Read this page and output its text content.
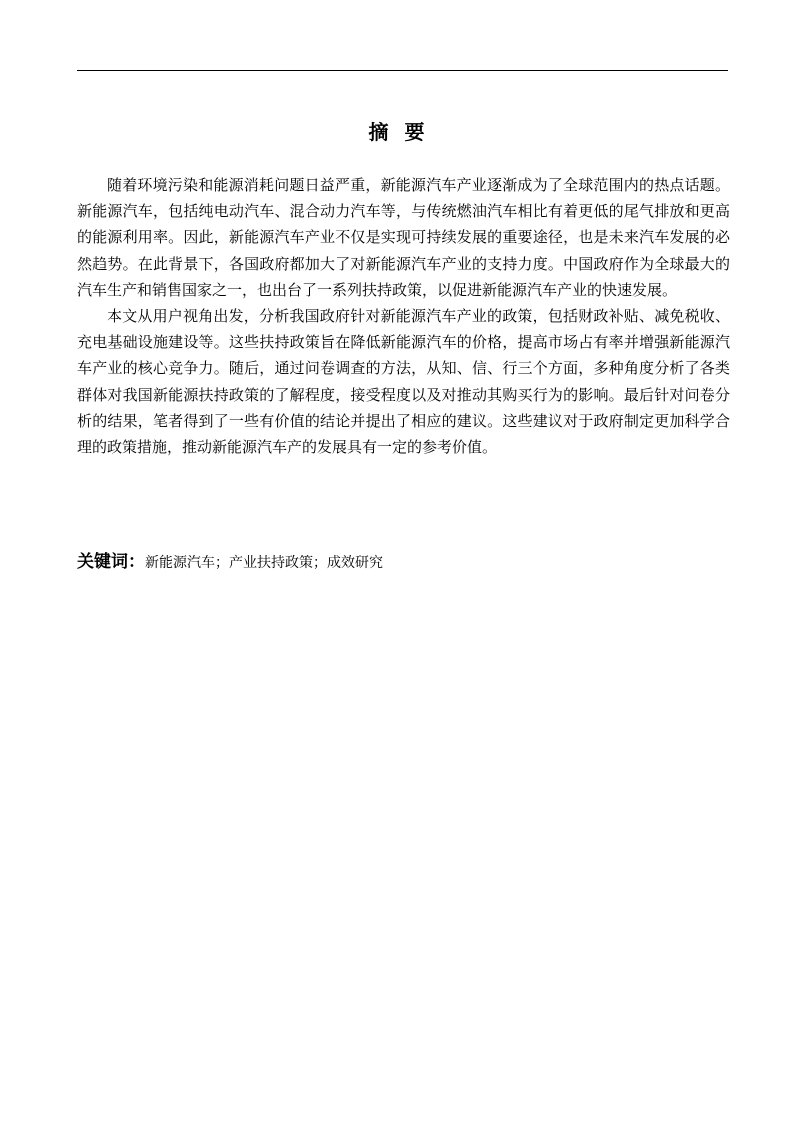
摘要

随着环境污染和能源消耗问题日益严重，新能源汽车产业逐渐成为了全球范围内的热点话题。新能源汽车，包括纯电动汽车、混合动力汽车等，与传统燃油汽车相比有着更低的尾气排放和更高的能源利用率。因此，新能源汽车产业不仅是实现可持续发展的重要途径，也是未来汽车发展的必然趋势。在此背景下，各国政府都加大了对新能源汽车产业的支持力度。中国政府作为全球最大的汽车生产和销售国家之一，也出台了一系列扶持政策，以促进新能源汽车产业的快速发展。

本文从用户视角出发，分析我国政府针对新能源汽车产业的政策，包括财政补贴、减免税收、充电基础设施建设等。这些扶持政策旨在降低新能源汽车的价格，提高市场占有率并增强新能源汽车产业的核心竞争力。随后，通过问卷调查的方法，从知、信、行三个方面，多种角度分析了各类群体对我国新能源扶持政策的了解程度，接受程度以及对推动其购买行为的影响。最后针对问卷分析的结果，笔者得到了一些有价值的结论并提出了相应的建议。这些建议对于政府制定更加科学合理的政策措施，推动新能源汽车产的发展具有一定的参考价值。

关键词：新能源汽车；产业扶持政策；成效研究
